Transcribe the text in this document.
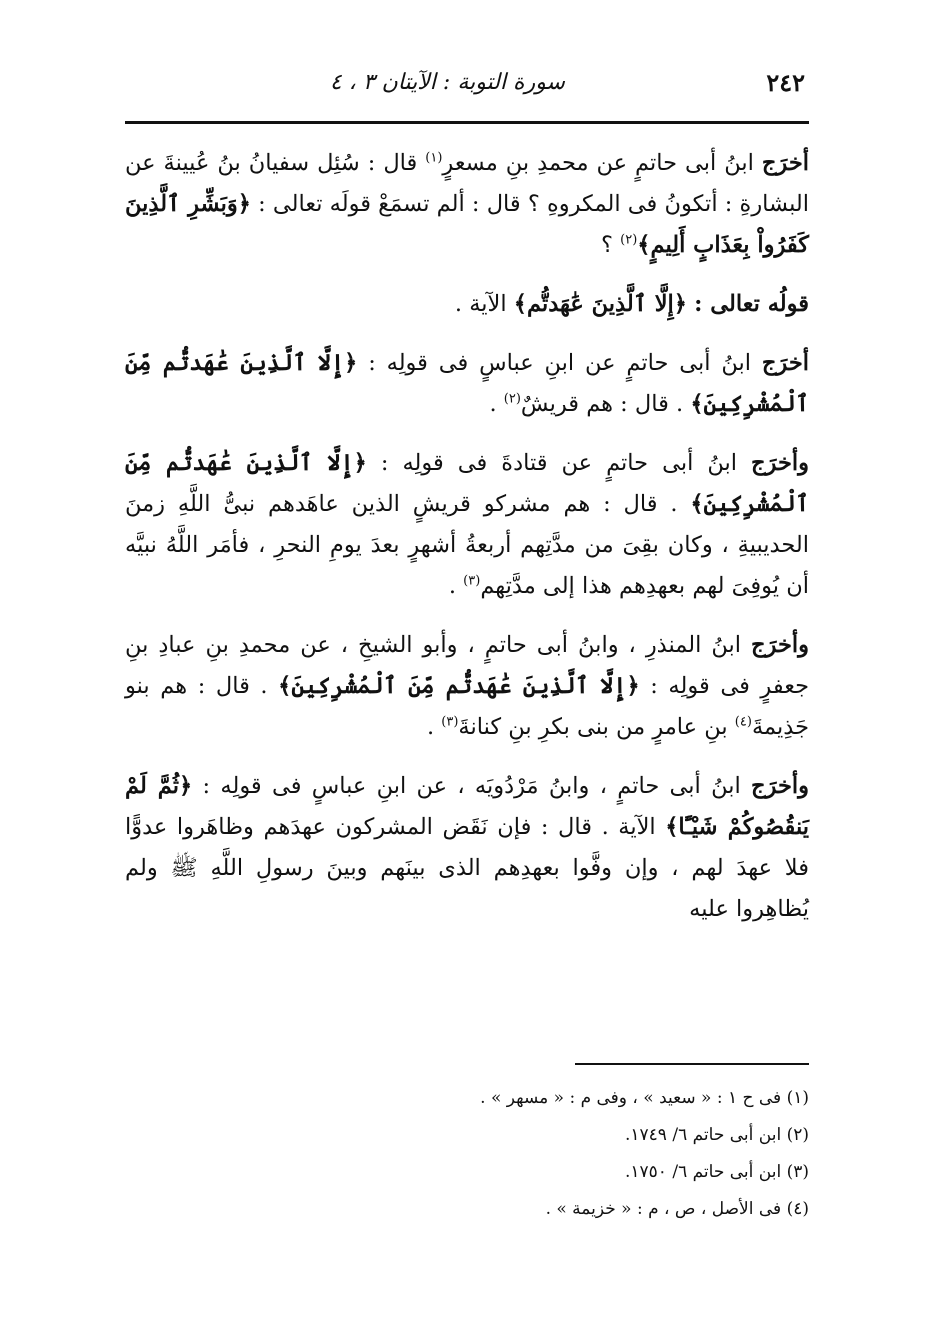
٢٤٢
سورة التوبة : الآيتان ٣ ، ٤

أخرَج ابنُ أبى حاتمٍ عن محمدِ بنِ مسعرٍ$^{(١)}$ قال : سُئِل سفيانُ بنُ عُيينةَ عن البشارةِ : أتكونُ فى المكروهِ ؟ قال : ألم تسمَعْ قولَه تعالى : ﴿وَبَشِّرِ ٱلَّذِينَ كَفَرُواْ بِعَذَابٍ أَلِيمٍ﴾$^{(٢)}$ ؟

قولُه تعالى : ﴿إِلَّا ٱلَّذِينَ عَٰهَدتُّم﴾ الآية .

أخرَج ابنُ أبى حاتمٍ عن ابنِ عباسٍ فى قولِه : ﴿إِلَّا ٱلَّذِينَ عَٰهَدتُّم مِّنَ ٱلْمُشْرِكِينَ﴾ . قال : هم قريشٌ$^{(٢)}$ .

وأخرَج ابنُ أبى حاتمٍ عن قتادةَ فى قولِه : ﴿إِلَّا ٱلَّذِينَ عَٰهَدتُّم مِّنَ ٱلْمُشْرِكِينَ﴾ . قال : هم مشركو قريشٍ الذين عاهَدهم نبىُّ اللَّهِ زمنَ الحديبيةِ ، وكان بقِىَ من مدَّتِهم أربعةُ أشهرٍ بعدَ يومِ النحرِ ، فأمَر اللَّهُ نبيَّه أن يُوفِىَ لهم بعهدِهم هذا إلى مدَّتِهم$^{(٣)}$ .

وأخرَج ابنُ المنذرِ ، وابنُ أبى حاتمٍ ، وأبو الشيخِ ، عن محمدِ بنِ عبادِ بنِ جعفرٍ فى قولِه : ﴿إِلَّا ٱلَّذِينَ عَٰهَدتُّم مِّنَ ٱلْمُشْرِكِينَ﴾ . قال : هم بنو جَذِيمةَ$^{(٤)}$ بنِ عامرٍ من بنى بكرِ بنِ كنانةَ$^{(٣)}$ .

وأخرَج ابنُ أبى حاتمٍ ، وابنُ مَرْدُويَه ، عن ابنِ عباسٍ فى قولِه : ﴿ثُمَّ لَمْ يَنقُصُوكُمْ شَيْـًٔا﴾ الآية . قال : فإن نَقَض المشركون عهدَهم وظاهَروا عدوًّا فلا عهدَ لهم ، وإن وفَّوا بعهدِهم الذى بينَهم وبينَ رسولِ اللَّهِ ﷺ ولم يُظاهِروا عليه

(١) فى ح ١ : « سعيد » ، وفى م : « مسهر » .

(٢) ابن أبى حاتم ٦/ ١٧٤٩.

(٣) ابن أبى حاتم ٦/ ١٧٥٠.

(٤) فى الأصل ، ص ، م : « خزيمة » .
